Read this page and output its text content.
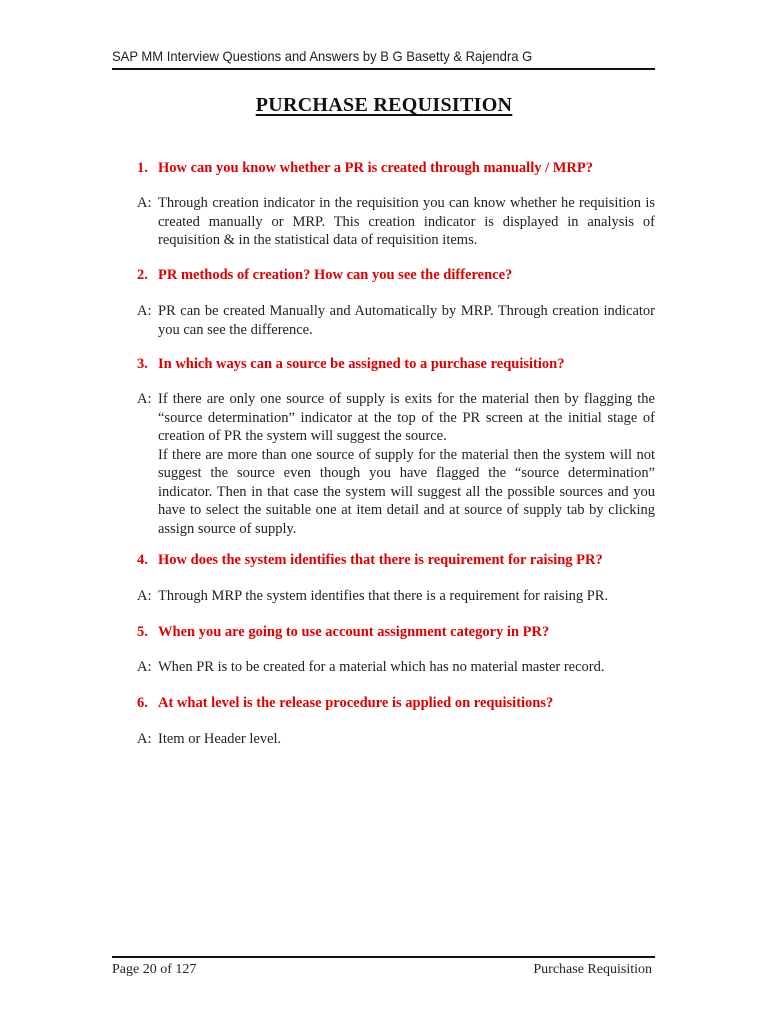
SAP MM Interview Questions and Answers by B G Basetty & Rajendra G
PURCHASE REQUISITION
1. How can you know whether a PR is created through manually / MRP?
A: Through creation indicator in the requisition you can know whether he requisition is created manually or MRP. This creation indicator is displayed in analysis of requisition & in the statistical data of requisition items.

2. PR methods of creation? How can you see the difference?
A: PR can be created Manually and Automatically by MRP. Through creation indicator you can see the difference.

3. In which ways can a source be assigned to a purchase requisition?
A: If there are only one source of supply is exits for the material then by flagging the “source determination” indicator at the top of the PR screen at the initial stage of creation of PR the system will suggest the source.

If there are more than one source of supply for the material then the system will not suggest the source even though you have flagged the “source determination” indicator. Then in that case the system will suggest all the possible sources and you have to select the suitable one at item detail and at source of supply tab by clicking assign source of supply.

4. How does the system identifies that there is requirement for raising PR?
A: Through MRP the system identifies that there is a requirement for raising PR.

5. When you are going to use account assignment category in PR?
A: When PR is to be created for a material which has no material master record.

6. At what level is the release procedure is applied on requisitions?
A: Item or Header level.

Page 20 of 127	Purchase Requisition
